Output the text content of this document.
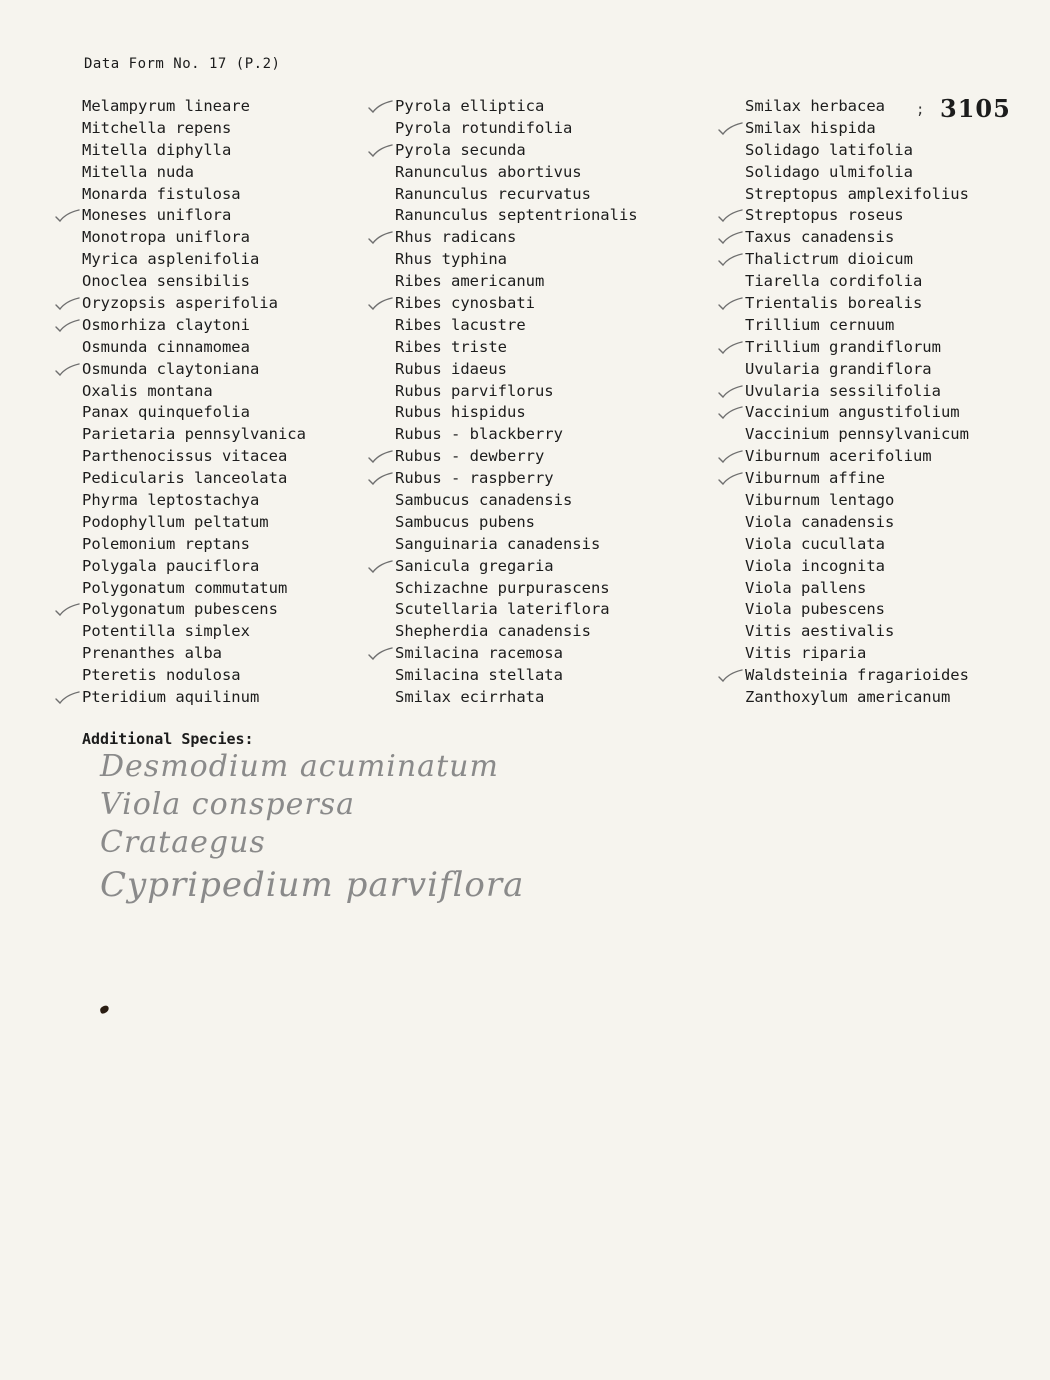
Data Form No. 17 (P.2)
; 3105
Melampyrum lineare
Mitchella repens
Mitella diphylla
Mitella nuda
Monarda fistulosa
Moneses uniflora
Monotropa uniflora
Myrica asplenifolia
Onoclea sensibilis
Oryzopsis asperifolia
Osmorhiza claytoni
Osmunda cinnamomea
Osmunda claytoniana
Oxalis montana
Panax quinquefolia
Parietaria pennsylvanica
Parthenocissus vitacea
Pedicularis lanceolata
Phyrma leptostachya
Podophyllum peltatum
Polemonium reptans
Polygala pauciflora
Polygonatum commutatum
Polygonatum pubescens
Potentilla simplex
Prenanthes alba
Pteretis nodulosa
Pteridium aquilinum
Pyrola elliptica
Pyrola rotundifolia
Pyrola secunda
Ranunculus abortivus
Ranunculus recurvatus
Ranunculus septentrionalis
Rhus radicans
Rhus typhina
Ribes americanum
Ribes cynosbati
Ribes lacustre
Ribes triste
Rubus idaeus
Rubus parviflorus
Rubus hispidus
Rubus - blackberry
Rubus - dewberry
Rubus - raspberry
Sambucus canadensis
Sambucus pubens
Sanguinaria canadensis
Sanicula gregaria
Schizachne purpurascens
Scutellaria lateriflora
Shepherdia canadensis
Smilacina racemosa
Smilacina stellata
Smilax ecirrhata
Smilax herbacea
Smilax hispida
Solidago latifolia
Solidago ulmifolia
Streptopus amplexifolius
Streptopus roseus
Taxus canadensis
Thalictrum dioicum
Tiarella cordifolia
Trientalis borealis
Trillium cernuum
Trillium grandiflorum
Uvularia grandiflora
Uvularia sessilifolia
Vaccinium angustifolium
Vaccinium pennsylvanicum
Viburnum acerifolium
Viburnum affine
Viburnum lentago
Viola canadensis
Viola cucullata
Viola incognita
Viola pallens
Viola pubescens
Vitis aestivalis
Vitis riparia
Waldsteinia fragarioides
Zanthoxylum americanum
Additional Species:
Desmodium acuminatum
Viola conspersa
Crataegus
Cypripedium parviflora
